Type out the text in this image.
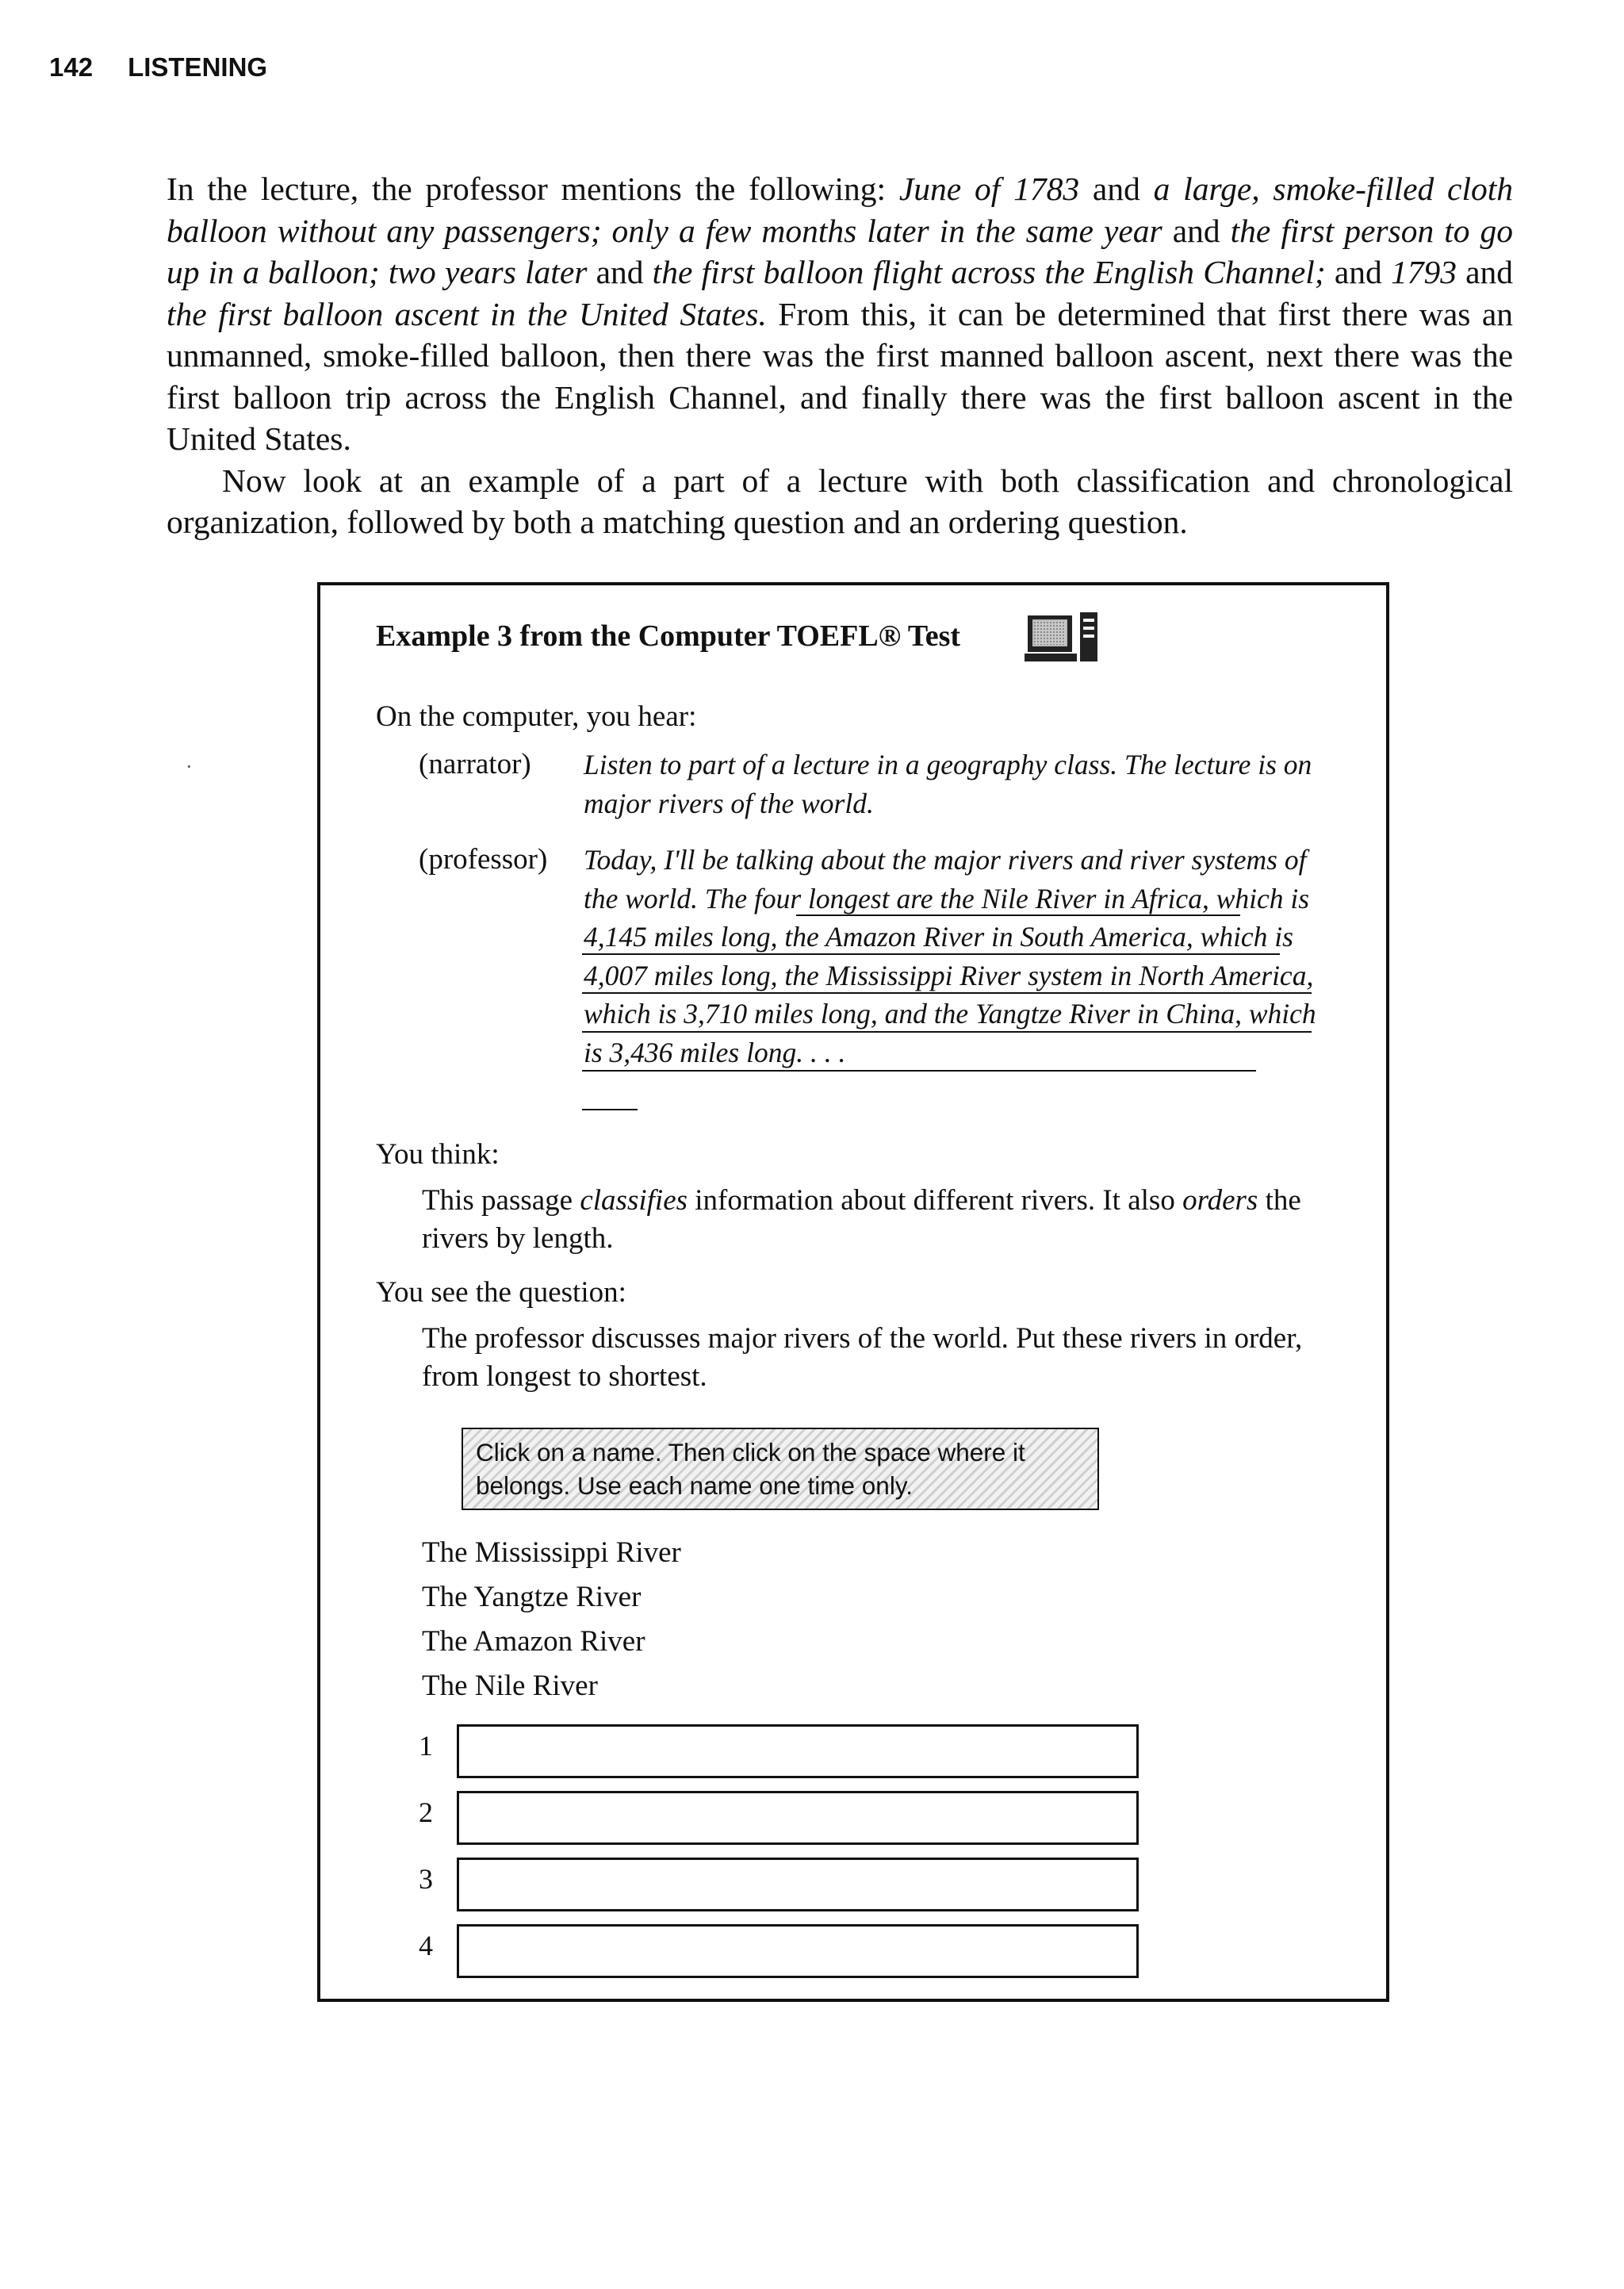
142 LISTENING

In the lecture, the professor mentions the following: June of 1783 and a large, smoke-filled cloth balloon without any passengers; only a few months later in the same year and the first person to go up in a balloon; two years later and the first balloon flight across the English Channel; and 1793 and the first balloon ascent in the United States. From this, it can be determined that first there was an unmanned, smoke-filled balloon, then there was the first manned balloon ascent, next there was the first balloon trip across the English Channel, and finally there was the first balloon ascent in the United States.

Now look at an example of a part of a lecture with both classification and chronological organization, followed by both a matching question and an ordering question.

·
Example 3 from the Computer TOEFL® Test
On the computer, you hear:
(narrator) Listen to part of a lecture in a geography class. The lecture is on major rivers of the world.
(professor) Today, I'll be talking about the major rivers and river systems of the world. The four longest are the Nile River in Africa, which is 4,145 miles long, the Amazon River in South America, which is 4,007 miles long, the Mississippi River system in North America, which is 3,710 miles long, and the Yangtze River in China, which is 3,436 miles long. . . .
You think:
This passage classifies information about different rivers. It also orders the rivers by length.
You see the question:
The professor discusses major rivers of the world. Put these rivers in order, from longest to shortest.
Click on a name. Then click on the space where it belongs. Use each name one time only.
The Mississippi River
The Yangtze River
The Amazon River
The Nile River
1
2
3
4
